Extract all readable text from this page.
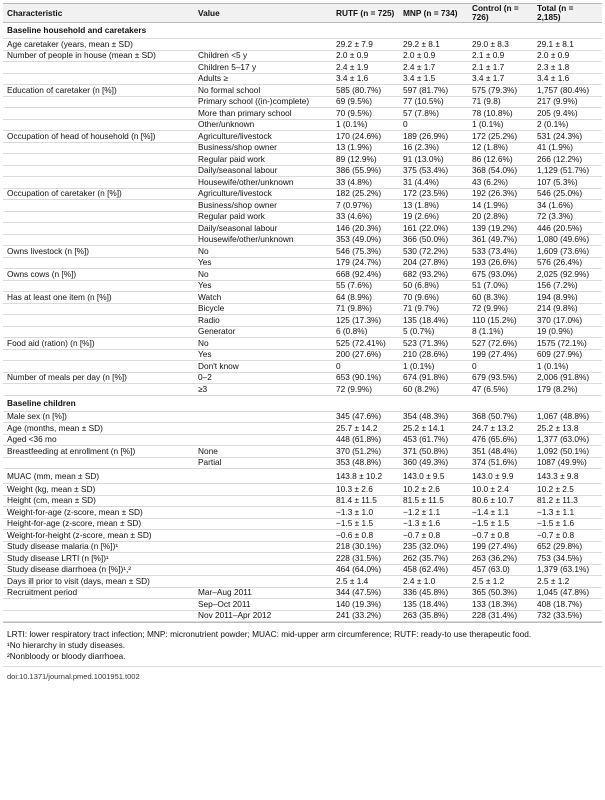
Characteristic	Value	RUTF (n = 725)	MNP (n = 734)	Control (n = 726)	Total (n = 2,185)
Baseline household and caretakers					
Age caretaker (years, mean ± SD)		29.2 ± 7.9	29.2 ± 8.1	29.0 ± 8.3	29.1 ± 8.1
Number of people in house (mean ± SD)	Children <5 y	2.0 ± 0.9	2.0 ± 0.9	2.1 ± 0.9	2.0 ± 0.9
	Children 5–17 y	2.4 ± 1.9	2.4 ± 1.7	2.1 ± 1.7	2.3 ± 1.8
	Adults ≥	3.4 ± 1.6	3.4 ± 1.5	3.4 ± 1.7	3.4 ± 1.6
Education of caretaker (n [%])	No formal school	585 (80.7%)	597 (81.7%)	575 (79.3%)	1,757 (80.4%)
	Primary school ((in-)complete)	69 (9.5%)	77 (10.5%)	71 (9.8)	217 (9.9%)
	More than primary school	70 (9.5%)	57 (7.8%)	78 (10.8%)	205 (9.4%)
	Other/unknown	1 (0.1%)	0	1 (0.1%)	2 (0.1%)
Occupation of head of household (n [%])	Agriculture/livestock	170 (24.6%)	189 (26.9%)	172 (25.2%)	531 (24.3%)
	Business/shop owner	13 (1.9%)	16 (2.3%)	12 (1.8%)	41 (1.9%)
	Regular paid work	89 (12.9%)	91 (13.0%)	86 (12.6%)	266 (12.2%)
	Daily/seasonal labour	386 (55.9%)	375 (53.4%)	368 (54.0%)	1,129 (51.7%)
	Housewife/other/unknown	33 (4.8%)	31 (4.4%)	43 (6.2%)	107 (5.3%)
Occupation of caretaker (n [%])	Agriculture/livestock	182 (25.2%)	172 (23.5%)	192 (26.3%)	546 (25.0%)
	Business/shop owner	7 (0.97%)	13 (1.8%)	14 (1.9%)	34 (1.6%)
	Regular paid work	33 (4.6%)	19 (2.6%)	20 (2.8%)	72 (3.3%)
	Daily/seasonal labour	146 (20.3%)	161 (22.0%)	139 (19.2%)	446 (20.5%)
	Housewife/other/unknown	353 (49.0%)	366 (50.0%)	361 (49.7%)	1,080 (49.6%)
Owns livestock (n [%])	No	546 (75.3%)	530 (72.2%)	533 (73.4%)	1,609 (73.6%)
	Yes	179 (24.7%)	204 (27.8%)	193 (26.6%)	576 (26.4%)
Owns cows (n [%])	No	668 (92.4%)	682 (93.2%)	675 (93.0%)	2,025 (92.9%)
	Yes	55 (7.6%)	50 (6.8%)	51 (7.0%)	156 (7.2%)
Has at least one item (n [%])	Watch	64 (8.9%)	70 (9.6%)	60 (8.3%)	194 (8.9%)
	Bicycle	71 (9.8%)	71 (9.7%)	72 (9.9%)	214 (9.8%)
	Radio	125 (17.3%)	135 (18.4%)	110 (15.2%)	370 (17.0%)
	Generator	6 (0.8%)	5 (0.7%)	8 (1.1%)	19 (0.9%)
Food aid (ration) (n [%])	No	525 (72.41%)	523 (71.3%)	527 (72.6%)	1575 (72.1%)
	Yes	200 (27.6%)	210 (28.6%)	199 (27.4%)	609 (27.9%)
	Don't know	0	1 (0.1%)	0	1 (0.1%)
Number of meals per day (n [%])	0–2	653 (90.1%)	674 (91.8%)	679 (93.5%)	2,006 (91.8%)
	≥3	72 (9.9%)	60 (8.2%)	47 (6.5%)	179 (8.2%)
Baseline children					
Male sex (n [%])		345 (47.6%)	354 (48.3%)	368 (50.7%)	1,067 (48.8%)
Age (months, mean ± SD)		25.7 ± 14.2	25.2 ± 14.1	24.7 ± 13.2	25.2 ± 13.8
Aged <36 mo		448 (61.8%)	453 (61.7%)	476 (65.6%)	1,377 (63.0%)
Breastfeeding at enrollment (n [%])	None	370 (51.2%)	371 (50.8%)	351 (48.4%)	1,092 (50.1%)
	Partial	353 (48.8%)	360 (49.3%)	374 (51.6%)	1087 (49.9%)
MUAC (mm, mean ± SD)		143.8 ± 10.2	143.0 ± 9.5	143.0 ± 9.9	143.3 ± 9.8
Weight (kg, mean ± SD)		10.3 ± 2.6	10.2 ± 2.6	10.0 ± 2.4	10.2 ± 2.5
Height (cm, mean ± SD)		81.4 ± 11.5	81.5 ± 11.5	80.6 ± 10.7	81.2 ± 11.3
Weight-for-age (z-score, mean ± SD)		−1.3 ± 1.0	−1.2 ± 1.1	−1.4 ± 1.1	−1.3 ± 1.1
Height-for-age (z-score, mean ± SD)		−1.5 ± 1.5	−1.3 ± 1.6	−1.5 ± 1.5	−1.5 ± 1.6
Weight-for-height (z-score, mean ± SD)		−0.6 ± 0.8	−0.7 ± 0.8	−0.7 ± 0.8	−0.7 ± 0.8
Study disease malaria (n [%])¹		218 (30.1%)	235 (32.0%)	199 (27.4%)	652 (29.8%)
Study disease LRTI (n [%])¹		228 (31.5%)	262 (35.7%)	263 (36.2%)	753 (34.5%)
Study disease diarrhoea (n [%])¹,²		464 (64.0%)	458 (62.4%)	457 (63.0)	1,379 (63.1%)
Days ill prior to visit (days, mean ± SD)		2.5 ± 1.4	2.4 ± 1.0	2.5 ± 1.2	2.5 ± 1.2
Recruitment period	Mar–Aug 2011	344 (47.5%)	336 (45.8%)	365 (50.3%)	1,045 (47.8%)
	Sep–Oct 2011	140 (19.3%)	135 (18.4%)	133 (18.3%)	408 (18.7%)
	Nov 2011–Apr 2012	241 (33.2%)	263 (35.8%)	228 (31.4%)	732 (33.5%)
LRTI: lower respiratory tract infection; MNP: micronutrient powder; MUAC: mid-upper arm circumference; RUTF: ready-to use therapeutic food.
¹No hierarchy in study diseases.
²Nonbloody or bloody diarrhoea.
doi:10.1371/journal.pmed.1001951.t002
